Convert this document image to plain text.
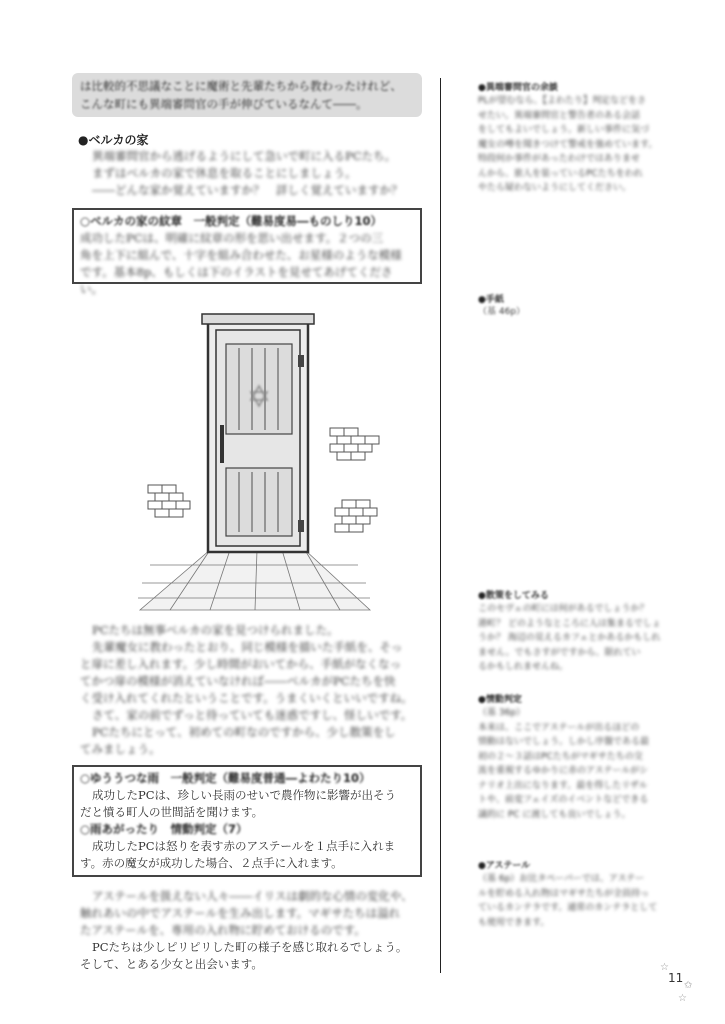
は比較的不思議なことに魔術と先輩たちから教わったけれど、
こんな町にも異端審問官の手が伸びているなんて――。
●ベルカの家
異端審問官から逃げるようにして急いで町に入るPCたち。
まずはベルカの家で休息を取ることにしましょう。
――どんな家か覚えていますか？　詳しく覚えていますか？
○ベルカの家の紋章　一般判定（難易度易―ものしり10）
成功したPCは、明確に紋章の形を思い出せます。２つの三
角を上下に組んで、十字を組み合わせた、お星様のような模様
です。基本8p、もしくは下のイラストを見せてあげてください。
PCたちは無事ベルカの家を見つけられました。
先輩魔女に教わったとおり、同じ模様を描いた手紙を、そっ
と扉に差し入れます。少し時間がおいてから、手紙がなくなっ
てかつ扉の模様が消えていなければ――ベルカがPCたちを快
く受け入れてくれたということです。うまくいくといいですね。
さて、家の前でずっと待っていても迷惑ですし、怪しいです。
PCたちにとって、初めての町なのですから、少し散策をし
てみましょう。
○ゆううつな雨　一般判定（難易度普通―よわたり10）
成功したPCは、珍しい長雨のせいで農作物に影響が出そう
だと憤る町人の世間話を聞けます。
○雨あがったり　情動判定（7）
成功したPCは怒りを表す赤のアステールを１点手に入れま
す。赤の魔女が成功した場合、２点手に入れます。
アステールを扱えない人々――イリスは劇的な心情の変化や、
触れあいの中でアステールを生み出します。マギサたちは溢れ
たアステールを、専用の入れ物に貯めておけるのです。
PCたちは少しピリピリした町の様子を感じ取れるでしょう。
そして、とある少女と出会います。
●異端審問官の余談
PLが望むなら、【よわたり】判定などをさ
せたい。異端審問官と警告者のある会話
をしてもよいでしょう。新しい事件に気づ
魔女の噂を聞きつけて警戒を強めています。
特段何か事件があったわけではありませ
んから、旅人を装っているPCたちをわれ
やたら疑わないようにしてください。
●手紙
（基 46p）
●散策をしてみる
このセヴェの町には何があるでしょうか？
港町？ どのようなところに人は集まるでしょ
うか？ 海辺の見えるカフェとかあるかもしれ
ません。でもさすがですから、限れてい
るかもしれませんね。
●情動判定
（基 36p）
本来は、ここでアステールが出るほどの
情動はないでしょう。しかし序盤である最
初の２～３話はPCたちがマギサたちの交
流を重視するゆかりに赤のアステールがシ
ナリオ上出になります。最を得したリザル
トや、前変フェイズのイベントなどできる
議的に PC に渡しても良いでしょう。
●アステール
（基 6p）お比タペーパーでは、アステー
ルを貯める入れ物はマギサたちが全員持っ
ているカンテラです。通常のカンテラとして
も使用できます。
11
☆
✩
☆
